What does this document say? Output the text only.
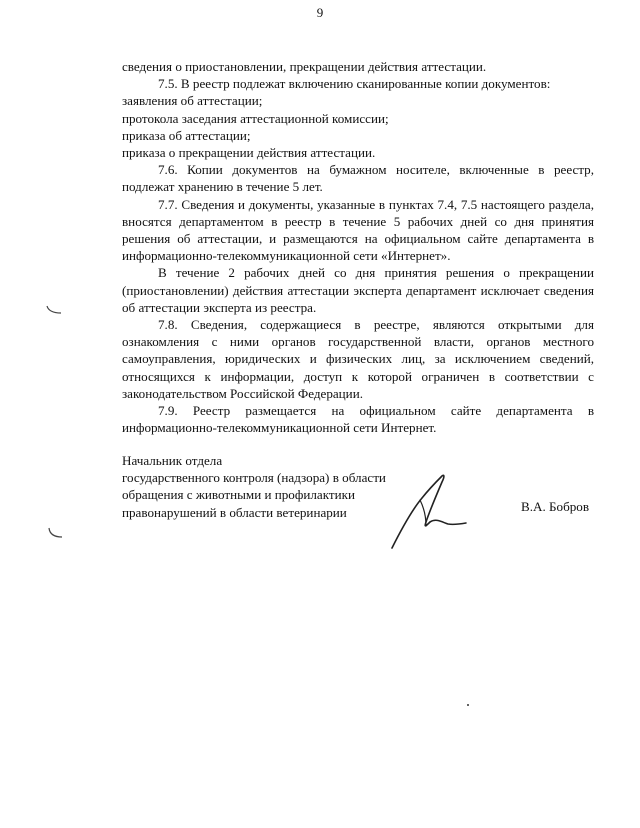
9

сведения о приостановлении, прекращении действия аттестации.

7.5. В реестр подлежат включению сканированные копии документов:

заявления об аттестации;

протокола заседания аттестационной комиссии;

приказа об аттестации;

приказа о прекращении действия аттестации.

7.6. Копии документов на бумажном носителе, включенные в реестр, подлежат хранению в течение 5 лет.

7.7. Сведения и документы, указанные в пунктах 7.4, 7.5 настоящего раздела, вносятся департаментом в реестр в течение 5 рабочих дней со дня принятия решения об аттестации, и размещаются на официальном сайте департамента в информационно-телекоммуникационной сети «Интернет».

В течение 2 рабочих дней со дня принятия решения о прекращении (приостановлении) действия аттестации эксперта департамент исключает сведения об аттестации эксперта из реестра.

7.8. Сведения, содержащиеся в реестре, являются открытыми для ознакомления с ними органов государственной власти, органов местного самоуправления, юридических и физических лиц, за исключением сведений, относящихся к информации, доступ к которой ограничен в соответствии с законодательством Российской Федерации.

7.9. Реестр размещается на официальном сайте департамента в информационно-телекоммуникационной сети Интернет.

Начальник отдела
государственного контроля (надзора) в области
обращения с животными и профилактики
правонарушений в области ветеринарии	В.А. Бобров
